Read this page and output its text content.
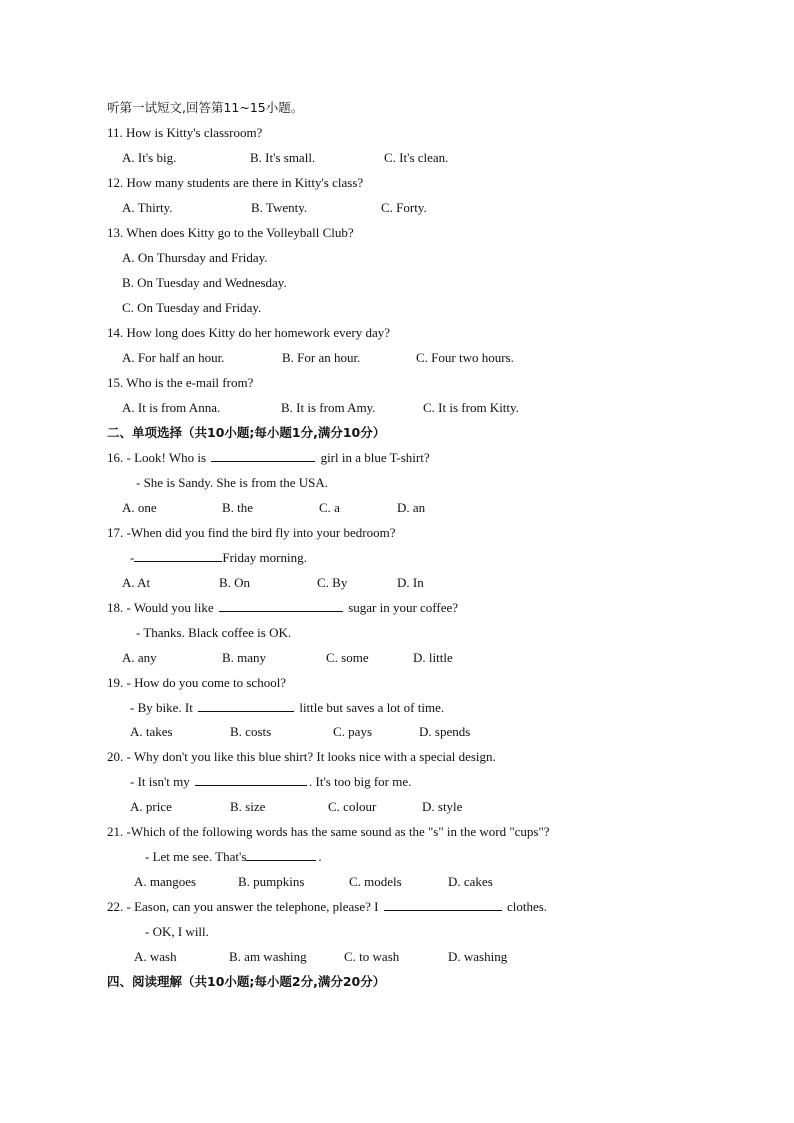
听第一试短文,回答第11~15小题。
11. How is Kitty's classroom?
A. It's big.	B. It's small.	C. It's clean.
12. How many students are there in Kitty's class?
A. Thirty.	B. Twenty.	C. Forty.
13. When does Kitty go to the Volleyball Club?
A. On Thursday and Friday.
B. On Tuesday and Wednesday.
C. On Tuesday and Friday.
14. How long does Kitty do her homework every day?
A. For half an hour.	B. For an hour.	C. Four two hours.
15. Who is the e-mail from?
A. It is from Anna.	B. It is from Amy.	C. It is from Kitty.
二、单项选择（共10小题;每小题1分,满分10分）
16. - Look! Who is	girl in a blue T-shirt?
- She is Sandy. She is from the USA.
A. one	B. the	C. a	D. an
17. -When did you find the bird fly into your bedroom?
-	Friday morning.
A. At	B. On	C. By	D. In
18. - Would you like	sugar in your coffee?
- Thanks. Black coffee is OK.
A. any	B. many	C. some	D. little
19. - How do you come to school?
- By bike. It	little but saves a lot of time.
A. takes	B. costs	C. pays	D. spends
20. - Why don't you like this blue shirt? It looks nice with a special design.
- It isn't my	. It's too big for me.
A. price	B. size	C. colour	D. style
21. -Which of the following words has the same sound as the "s" in the word "cups"?
- Let me see. That's	.
A. mangoes	B. pumpkins	C. models	D. cakes
22. - Eason, can you answer the telephone, please? I	clothes.
- OK, I will.
A. wash	B. am washing	C. to wash	D. washing
四、阅读理解（共10小题;每小题2分,满分20分）
